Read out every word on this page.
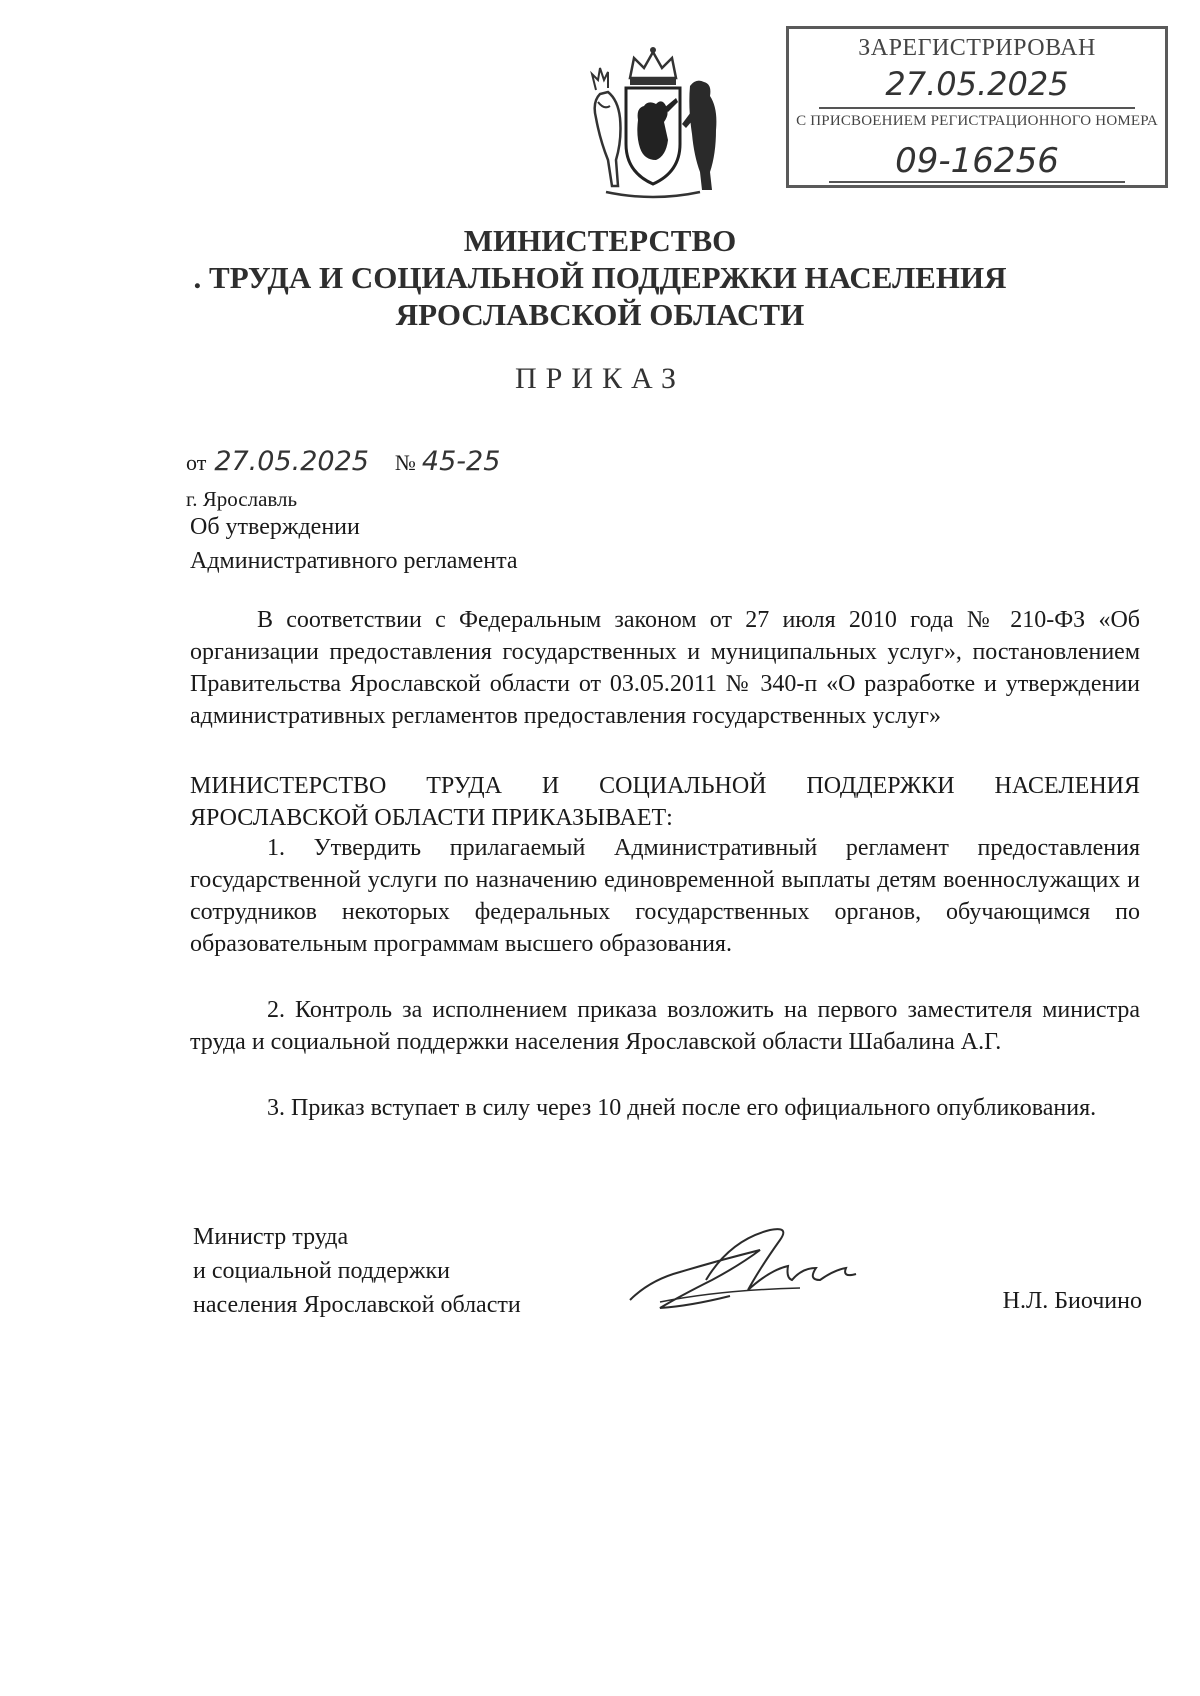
ЗАРЕГИСТРИРОВАН
27.05.2025
С ПРИСВОЕНИЕМ РЕГИСТРАЦИОННОГО НОМЕРА
09-16256
МИНИСТЕРСТВО
. ТРУДА И СОЦИАЛЬНОЙ ПОДДЕРЖКИ НАСЕЛЕНИЯ
ЯРОСЛАВСКОЙ ОБЛАСТИ
ПРИКАЗ
от 27.05.2025 № 45-25
г. Ярославль
Об утверждении
Административного регламента

В соответствии с Федеральным законом от 27 июля 2010 года № 210-ФЗ «Об организации предоставления государственных и муниципальных услуг», постановлением Правительства Ярославской области от 03.05.2011 № 340-п «О разработке и утверждении административных регламентов предоставления государственных услуг»

МИНИСТЕРСТВО ТРУДА И СОЦИАЛЬНОЙ ПОДДЕРЖКИ НАСЕЛЕНИЯ ЯРОСЛАВСКОЙ ОБЛАСТИ ПРИКАЗЫВАЕТ:

1. Утвердить прилагаемый Административный регламент предоставления государственной услуги по назначению единовременной выплаты детям военнослужащих и сотрудников некоторых федеральных государственных органов, обучающимся по образовательным программам высшего образования.

2. Контроль за исполнением приказа возложить на первого заместителя министра труда и социальной поддержки населения Ярославской области Шабалина А.Г.

3. Приказ вступает в силу через 10 дней после его официального опубликования.

Министр труда
и социальной поддержки
населения Ярославской области	Н.Л. Биочино
